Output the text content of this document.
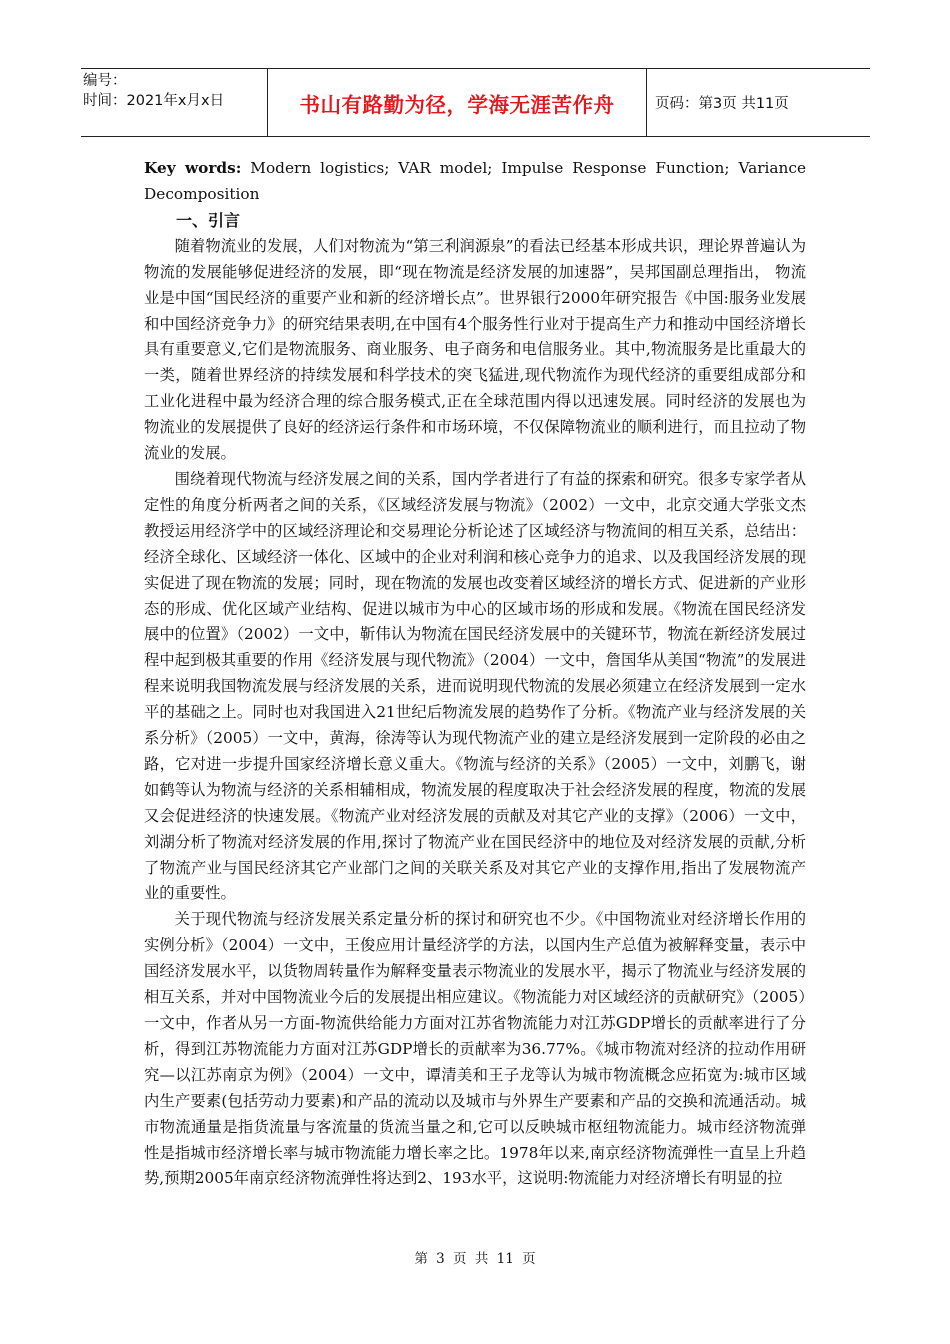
编号：
时间：2021年x月x日	书山有路勤为径，学海无涯苦作舟	页码：第3页 共11页

Key words: Modern logistics; VAR model; Impulse Response Function; Variance Decomposition

一、引言

随着物流业的发展，人们对物流为“第三利润源泉”的看法已经基本形成共识，理论界普遍认为物流的发展能够促进经济的发展，即“现在物流是经济发展的加速器”，吴邦国副总理指出， 物流业是中国“国民经济的重要产业和新的经济增长点”。世界银行2000年研究报告《中国:服务业发展和中国经济竞争力》的研究结果表明,在中国有4个服务性行业对于提高生产力和推动中国经济增长具有重要意义,它们是物流服务、商业服务、电子商务和电信服务业。其中,物流服务是比重最大的一类，随着世界经济的持续发展和科学技术的突飞猛进,现代物流作为现代经济的重要组成部分和工业化进程中最为经济合理的综合服务模式,正在全球范围内得以迅速发展。同时经济的发展也为物流业的发展提供了良好的经济运行条件和市场环境，不仅保障物流业的顺利进行，而且拉动了物流业的发展。

围绕着现代物流与经济发展之间的关系，国内学者进行了有益的探索和研究。很多专家学者从定性的角度分析两者之间的关系，《区域经济发展与物流》（2002）一文中，北京交通大学张文杰教授运用经济学中的区域经济理论和交易理论分析论述了区域经济与物流间的相互关系，总结出：经济全球化、区域经济一体化、区域中的企业对利润和核心竞争力的追求、以及我国经济发展的现实促进了现在物流的发展；同时，现在物流的发展也改变着区域经济的增长方式、促进新的产业形态的形成、优化区域产业结构、促进以城市为中心的区域市场的形成和发展。《物流在国民经济发展中的位置》（2002）一文中，靳伟认为物流在国民经济发展中的关键环节，物流在新经济发展过程中起到极其重要的作用《经济发展与现代物流》（2004）一文中，詹国华从美国“物流”的发展进程来说明我国物流发展与经济发展的关系，进而说明现代物流的发展必须建立在经济发展到一定水平的基础之上。同时也对我国进入21世纪后物流发展的趋势作了分析。《物流产业与经济发展的关系分析》（2005）一文中，黄海，徐涛等认为现代物流产业的建立是经济发展到一定阶段的必由之路，它对进一步提升国家经济增长意义重大。《物流与经济的关系》（2005）一文中，刘鹏飞，谢如鹤等认为物流与经济的关系相辅相成，物流发展的程度取决于社会经济发展的程度，物流的发展又会促进经济的快速发展。《物流产业对经济发展的贡献及对其它产业的支撑》（2006）一文中，刘湖分析了物流对经济发展的作用,探讨了物流产业在国民经济中的地位及对经济发展的贡献,分析了物流产业与国民经济其它产业部门之间的关联关系及对其它产业的支撑作用,指出了发展物流产业的重要性。

关于现代物流与经济发展关系定量分析的探讨和研究也不少。《中国物流业对经济增长作用的实例分析》（2004）一文中，王俊应用计量经济学的方法，以国内生产总值为被解释变量，表示中国经济发展水平，以货物周转量作为解释变量表示物流业的发展水平，揭示了物流业与经济发展的相互关系，并对中国物流业今后的发展提出相应建议。《物流能力对区域经济的贡献研究》（2005）一文中，作者从另一方面-物流供给能力方面对江苏省物流能力对江苏GDP增长的贡献率进行了分析，得到江苏物流能力方面对江苏GDP增长的贡献率为36.77%。《城市物流对经济的拉动作用研究—以江苏南京为例》（2004）一文中，谭清美和王子龙等认为城市物流概念应拓宽为:城市区域内生产要素(包括劳动力要素)和产品的流动以及城市与外界生产要素和产品的交换和流通活动。城市物流通量是指货流量与客流量的货流当量之和,它可以反映城市枢纽物流能力。城市经济物流弹性是指城市经济增长率与城市物流能力增长率之比。1978年以来,南京经济物流弹性一直呈上升趋势,预期2005年南京经济物流弹性将达到2、193水平，这说明:物流能力对经济增长有明显的拉

第 3 页 共 11 页
